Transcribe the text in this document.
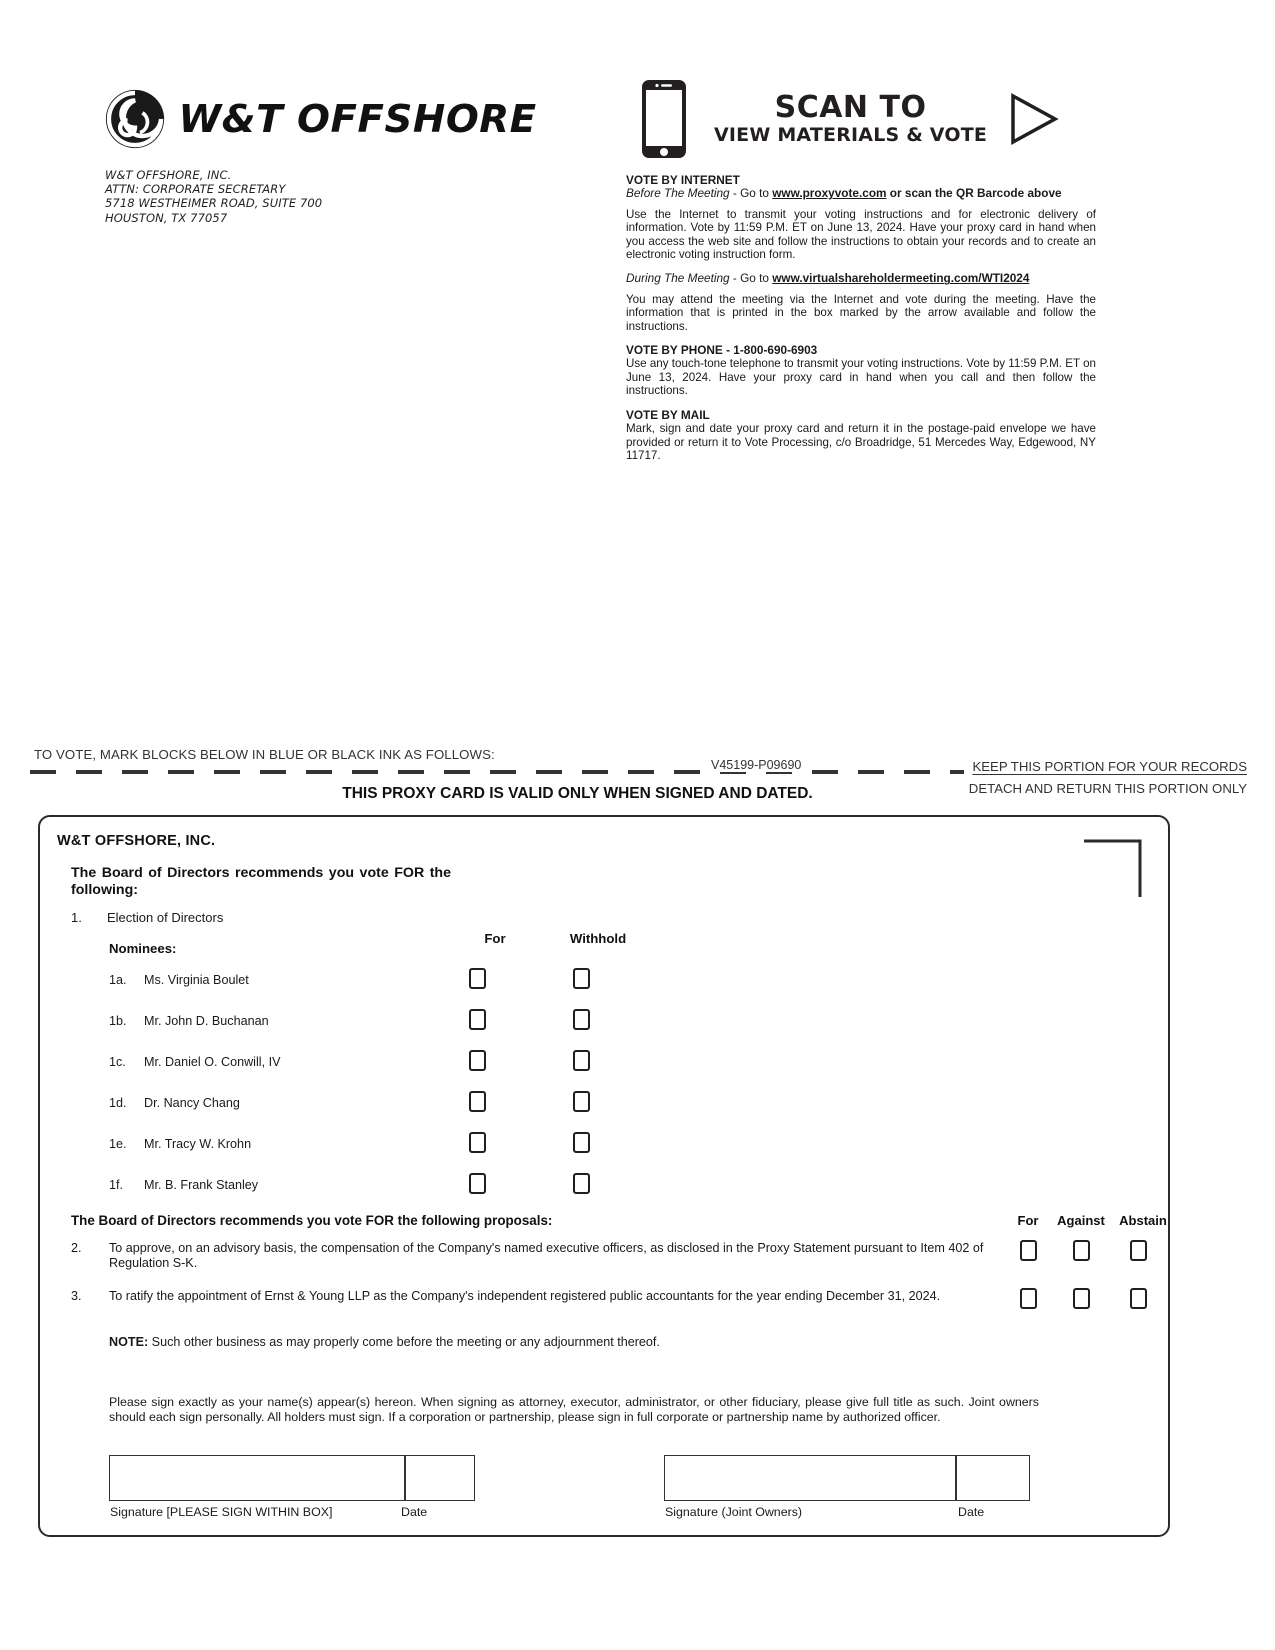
W&T OFFSHORE
W&T OFFSHORE, INC.
ATTN: CORPORATE SECRETARY
5718 WESTHEIMER ROAD, SUITE 700
HOUSTON, TX 77057
SCAN TO
VIEW MATERIALS & VOTE
VOTE BY INTERNET
Before The Meeting - Go to www.proxyvote.com or scan the QR Barcode above

Use the Internet to transmit your voting instructions and for electronic delivery of information. Vote by 11:59 P.M. ET on June 13, 2024. Have your proxy card in hand when you access the web site and follow the instructions to obtain your records and to create an electronic voting instruction form.

During The Meeting - Go to www.virtualshareholdermeeting.com/WTI2024

You may attend the meeting via the Internet and vote during the meeting. Have the information that is printed in the box marked by the arrow available and follow the instructions.

VOTE BY PHONE - 1-800-690-6903

Use any touch-tone telephone to transmit your voting instructions. Vote by 11:59 P.M. ET on June 13, 2024. Have your proxy card in hand when you call and then follow the instructions.

VOTE BY MAIL

Mark, sign and date your proxy card and return it in the postage-paid envelope we have provided or return it to Vote Processing, c/o Broadridge, 51 Mercedes Way, Edgewood, NY 11717.

TO VOTE, MARK BLOCKS BELOW IN BLUE OR BLACK INK AS FOLLOWS:
V45199-P09690	KEEP THIS PORTION FOR YOUR RECORDS
DETACH AND RETURN THIS PORTION ONLY
THIS PROXY CARD IS VALID ONLY WHEN SIGNED AND DATED.
W&T OFFSHORE, INC.
The Board of Directors recommends you vote FOR the following:
1. Election of Directors
Nominees:
For	Withhold
1a. Ms. Virginia Boulet
1b. Mr. John D. Buchanan
1c. Mr. Daniel O. Conwill, IV
1d. Dr. Nancy Chang
1e. Mr. Tracy W. Krohn
1f. Mr. B. Frank Stanley
The Board of Directors recommends you vote FOR the following proposals:	For	Against	Abstain
2. To approve, on an advisory basis, the compensation of the Company's named executive officers, as disclosed in the Proxy Statement pursuant to Item 402 of Regulation S-K.
3. To ratify the appointment of Ernst & Young LLP as the Company's independent registered public accountants for the year ending December 31, 2024.
NOTE: Such other business as may properly come before the meeting or any adjournment thereof.
Please sign exactly as your name(s) appear(s) hereon. When signing as attorney, executor, administrator, or other fiduciary, please give full title as such. Joint owners should each sign personally. All holders must sign. If a corporation or partnership, please sign in full corporate or partnership name by authorized officer.
Signature [PLEASE SIGN WITHIN BOX]	Date	Signature (Joint Owners)	Date
